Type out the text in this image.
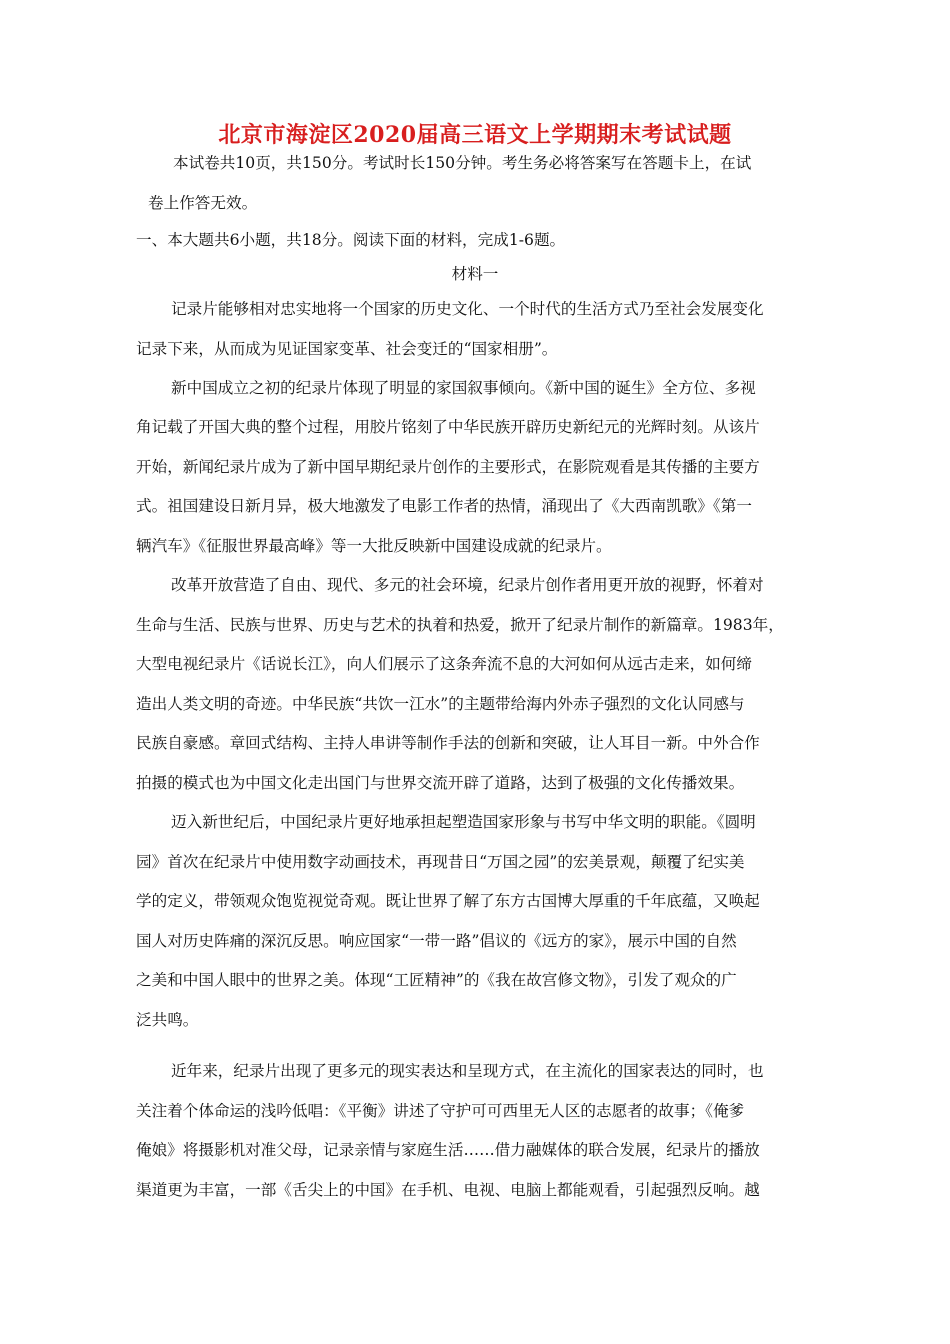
北京市海淀区2020届高三语文上学期期末考试试题

本试卷共10页，共150分。考试时长150分钟。考生务必将答案写在答题卡上，在试

卷上作答无效。

一、本大题共6小题，共18分。阅读下面的材料，完成1-6题。

材料一

记录片能够相对忠实地将一个国家的历史文化、一个时代的生活方式乃至社会发展变化

记录下来，从而成为见证国家变革、社会变迁的“国家相册”。

新中国成立之初的纪录片体现了明显的家国叙事倾向。《新中国的诞生》全方位、多视

角记载了开国大典的整个过程，用胶片铭刻了中华民族开辟历史新纪元的光辉时刻。从该片

开始，新闻纪录片成为了新中国早期纪录片创作的主要形式，在影院观看是其传播的主要方

式。祖国建设日新月异，极大地激发了电影工作者的热情，涌现出了《大西南凯歌》《第一

辆汽车》《征服世界最高峰》等一大批反映新中国建设成就的纪录片。

改革开放营造了自由、现代、多元的社会环境，纪录片创作者用更开放的视野，怀着对

生命与生活、民族与世界、历史与艺术的执着和热爱，掀开了纪录片制作的新篇章。1983年，

大型电视纪录片《话说长江》，向人们展示了这条奔流不息的大河如何从远古走来，如何缔

造出人类文明的奇迹。中华民族“共饮一江水”的主题带给海内外赤子强烈的文化认同感与

民族自豪感。章回式结构、主持人串讲等制作手法的创新和突破，让人耳目一新。中外合作

拍摄的模式也为中国文化走出国门与世界交流开辟了道路，达到了极强的文化传播效果。

迈入新世纪后，中国纪录片更好地承担起塑造国家形象与书写中华文明的职能。《圆明

园》首次在纪录片中使用数字动画技术，再现昔日“万国之园”的宏美景观，颠覆了纪实美

学的定义，带领观众饱览视觉奇观。既让世界了解了东方古国博大厚重的千年底蕴，又唤起

国人对历史阵痛的深沉反思。响应国家“一带一路”倡议的《远方的家》，展示中国的自然

之美和中国人眼中的世界之美。体现“工匠精神”的《我在故宫修文物》，引发了观众的广

泛共鸣。

近年来，纪录片出现了更多元的现实表达和呈现方式，在主流化的国家表达的同时，也

关注着个体命运的浅吟低唱：《平衡》讲述了守护可可西里无人区的志愿者的故事；《俺爹

俺娘》将摄影机对准父母，记录亲情与家庭生活……借力融媒体的联合发展，纪录片的播放

渠道更为丰富，一部《舌尖上的中国》在手机、电视、电脑上都能观看，引起强烈反响。越
